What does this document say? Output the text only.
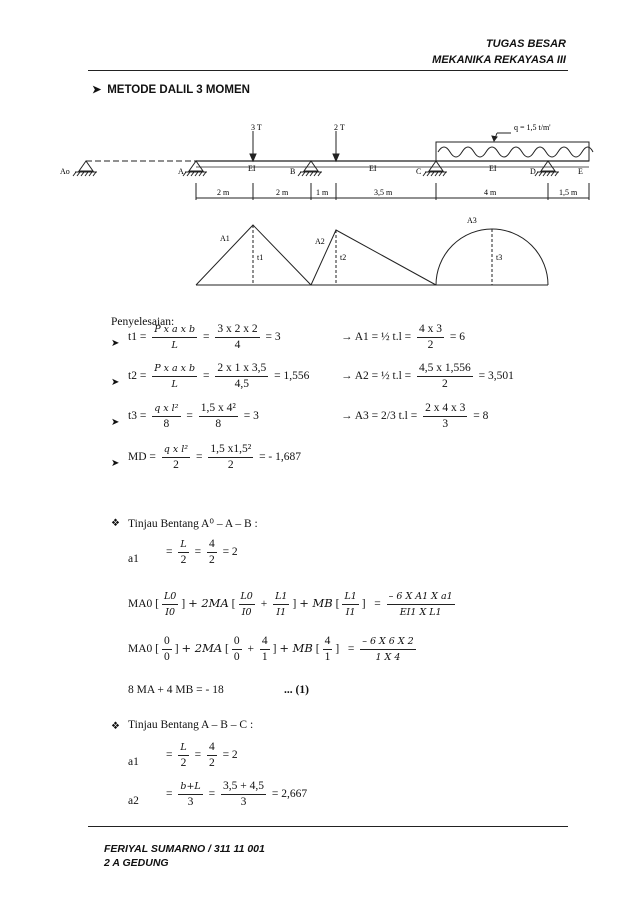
TUGAS BESAR
MEKANIKA REKAYASA III
➤ METODE DALIL 3 MOMEN
3 T	2 T	q = 1,5 t/m'
EI	EI	EI
Ao	A	B	C	D	E
2 m	2 m	1 m	3,5 m	4 m	1,5 m
A1	A2
A3
t1	t2	t3
Penyelesaian:
➤
$t1 = \frac{\text{P x a x b}}{L} = \frac{3 x 2 x 2}{4} = 3$	→ A1 = ½ $t.l = \frac{4 x 3}{2} = 6$
➤
$t2 = \frac{\text{P x a x b}}{L} = \frac{2 x 1 x 3,5}{4,5} = 1,556$	→ A2 = ½ $t.l = \frac{4,5 x 1,556}{2} = 3,501$
➤
t3 =
q x l²
8
= $\frac{\text{1,5 x 4²}}{8} = 3$	→ A3 = 2/3 $t.l = \frac{2 x 4 x 3}{3} = 8$
➤
MD =
q x l²
2
= $\frac{\text{1,5 x1,5²}}{2}$ = - 1,687
❖ Tinjau Bentang A⁰ – A – B :
a1
=
L
2
= $\frac{4}{2} = 2$
MA0 [ $\frac{L0}{I0}$ ] + 2MA [ $\frac{L0}{I0} + \frac{L1}{I1}$ ] + MB [ $\frac{L1}{I1}$ ]   = $\frac{\text{– 6 X A1 X a1}}{\text{EI1 X L1}}$
MA0 [ $\frac{0}{0}$ ] + 2MA [ $\frac{0}{0} + \frac{4}{1}$ ] + MB [ $\frac{4}{1}$ ]   = $\frac{- 6 X 6 X 2}{1 X 4}$
8 MA + 4 MB = - 18	... (1)
❖ Tinjau Bentang A – B – C :
a1
=
L
2
= $\frac{4}{2} = 2$
a2
=
b+L
3
= $\frac{3,5 + 4,5}{3} = 2,667$
FERIYAL SUMARNO / 311 11 001
2 A GEDUNG
